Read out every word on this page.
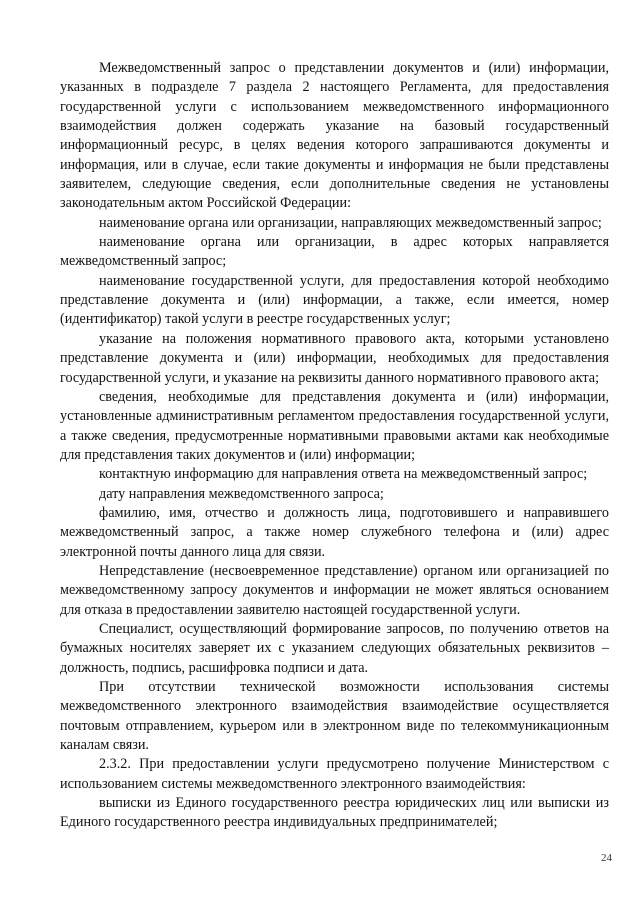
Межведомственный запрос о представлении документов и (или) информации, указанных в подразделе 7 раздела 2 настоящего Регламента, для предоставления государственной услуги с использованием межведомственного информационного взаимодействия должен содержать указание на базовый государственный информационный ресурс, в целях ведения которого запрашиваются документы и информация, или в случае, если такие документы и информация не были представлены заявителем, следующие сведения, если дополнительные сведения не установлены законодательным актом Российской Федерации:

наименование органа или организации, направляющих межведомственный запрос;

наименование органа или организации, в адрес которых направляется межведомственный запрос;

наименование государственной услуги, для предоставления которой необходимо представление документа и (или) информации, а также, если имеется, номер (идентификатор) такой услуги в реестре государственных услуг;

указание на положения нормативного правового акта, которыми установлено представление документа и (или) информации, необходимых для предоставления государственной услуги, и указание на реквизиты данного нормативного правового акта;

сведения, необходимые для представления документа и (или) информации, установленные административным регламентом предоставления государственной услуги, а также сведения, предусмотренные нормативными правовыми актами как необходимые для представления таких документов и (или) информации;

контактную информацию для направления ответа на межведомственный запрос;

дату направления межведомственного запроса;

фамилию, имя, отчество и должность лица, подготовившего и направившего межведомственный запрос, а также номер служебного телефона и (или) адрес электронной почты данного лица для связи.

Непредставление (несвоевременное представление) органом или организацией по межведомственному запросу документов и информации не может являться основанием для отказа в предоставлении заявителю настоящей государственной услуги.

Специалист, осуществляющий формирование запросов, по получению ответов на бумажных носителях заверяет их с указанием следующих обязательных реквизитов – должность, подпись, расшифровка подписи и дата.

При отсутствии технической возможности использования системы межведомственного электронного взаимодействия взаимодействие осуществляется почтовым отправлением, курьером или в электронном виде по телекоммуникационным каналам связи.

2.3.2. При предоставлении услуги предусмотрено получение Министерством с использованием системы межведомственного электронного взаимодействия:

выписки из Единого государственного реестра юридических лиц или выписки из Единого государственного реестра индивидуальных предпринимателей;

24
